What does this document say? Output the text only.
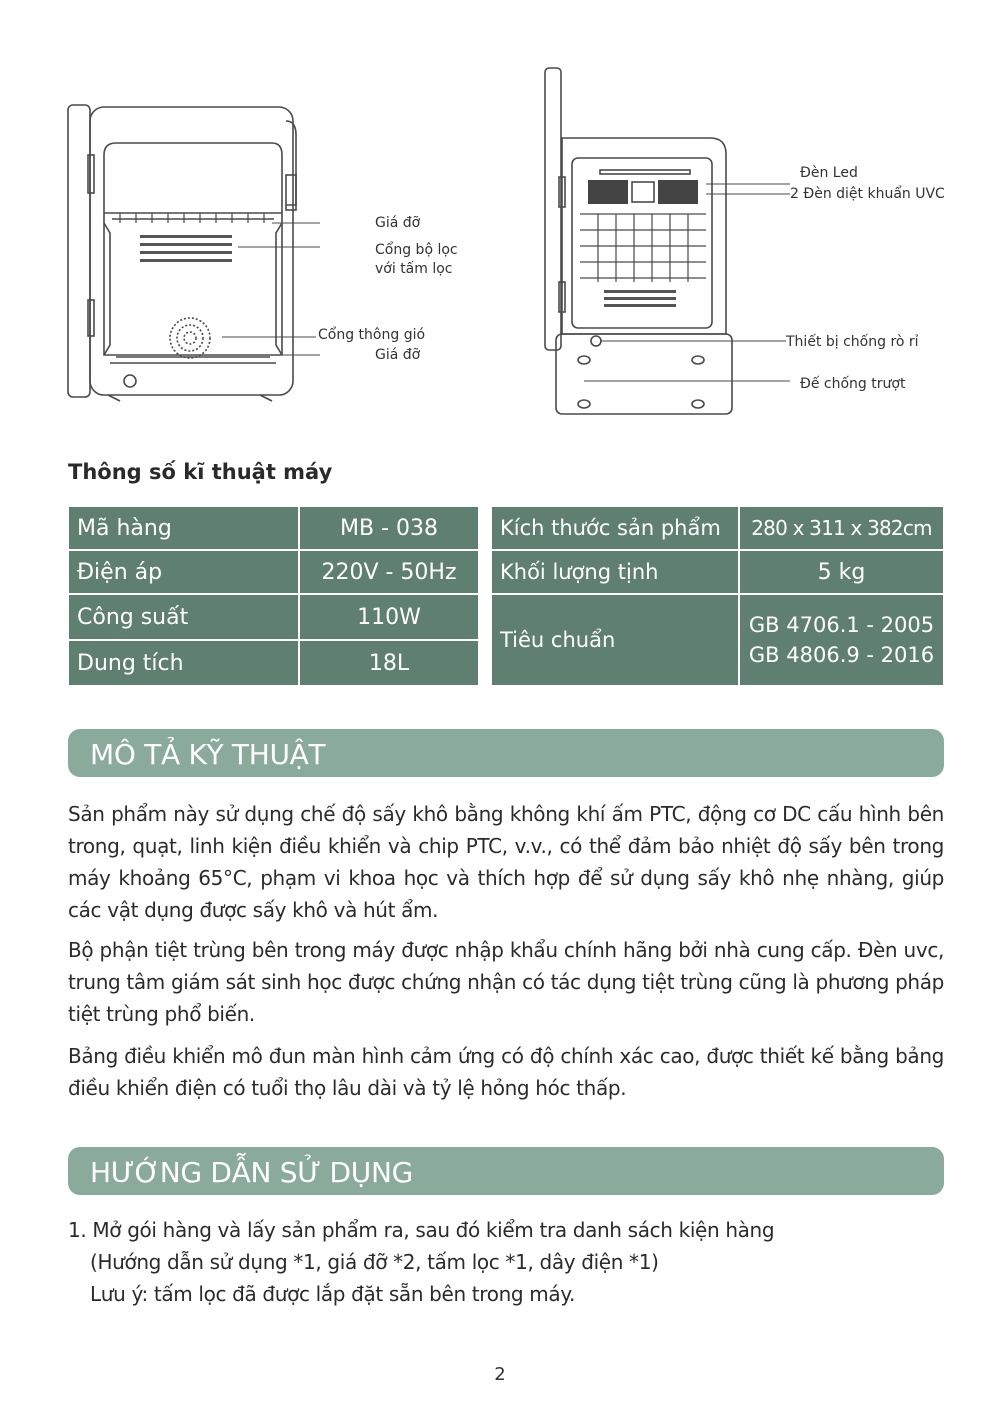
Giá đỡ
Cổng bộ lọc
với tấm lọc
Cổng thông gió
Giá đỡ
Đèn Led
2 Đèn diệt khuẩn UVC
Thiết bị chống rò rỉ
Đế chống trượt
Thông số kĩ thuật máy
Mã hàng	MB - 038
Điện áp	220V - 50Hz
Công suất	110W
Dung tích	18L
Kích thước sản phẩm	280 x 311 x 382cm
Khối lượng tịnh	5 kg
Tiêu chuẩn	GB 4706.1 - 2005
GB 4806.9 - 2016
MÔ TẢ KỸ THUẬT

Sản phẩm này sử dụng chế độ sấy khô bằng không khí ấm PTC, động cơ DC cấu hình bên trong, quạt, linh kiện điều khiển và chip PTC, v.v., có thể đảm bảo nhiệt độ sấy bên trong máy khoảng 65°C, phạm vi khoa học và thích hợp để sử dụng sấy khô nhẹ nhàng, giúp các vật dụng được sấy khô và hút ẩm.

Bộ phận tiệt trùng bên trong máy được nhập khẩu chính hãng bởi nhà cung cấp. Đèn uvc, trung tâm giám sát sinh học được chứng nhận có tác dụng tiệt trùng cũng là phương pháp tiệt trùng phổ biến.

Bảng điều khiển mô đun màn hình cảm ứng có độ chính xác cao, được thiết kế bằng bảng điều khiển điện có tuổi thọ lâu dài và tỷ lệ hỏng hóc thấp.

HƯỚNG DẪN SỬ DỤNG
1. Mở gói hàng và lấy sản phẩm ra, sau đó kiểm tra danh sách kiện hàng
(Hướng dẫn sử dụng *1, giá đỡ *2, tấm lọc *1, dây điện *1)
Lưu ý: tấm lọc đã được lắp đặt sẵn bên trong máy.
2
